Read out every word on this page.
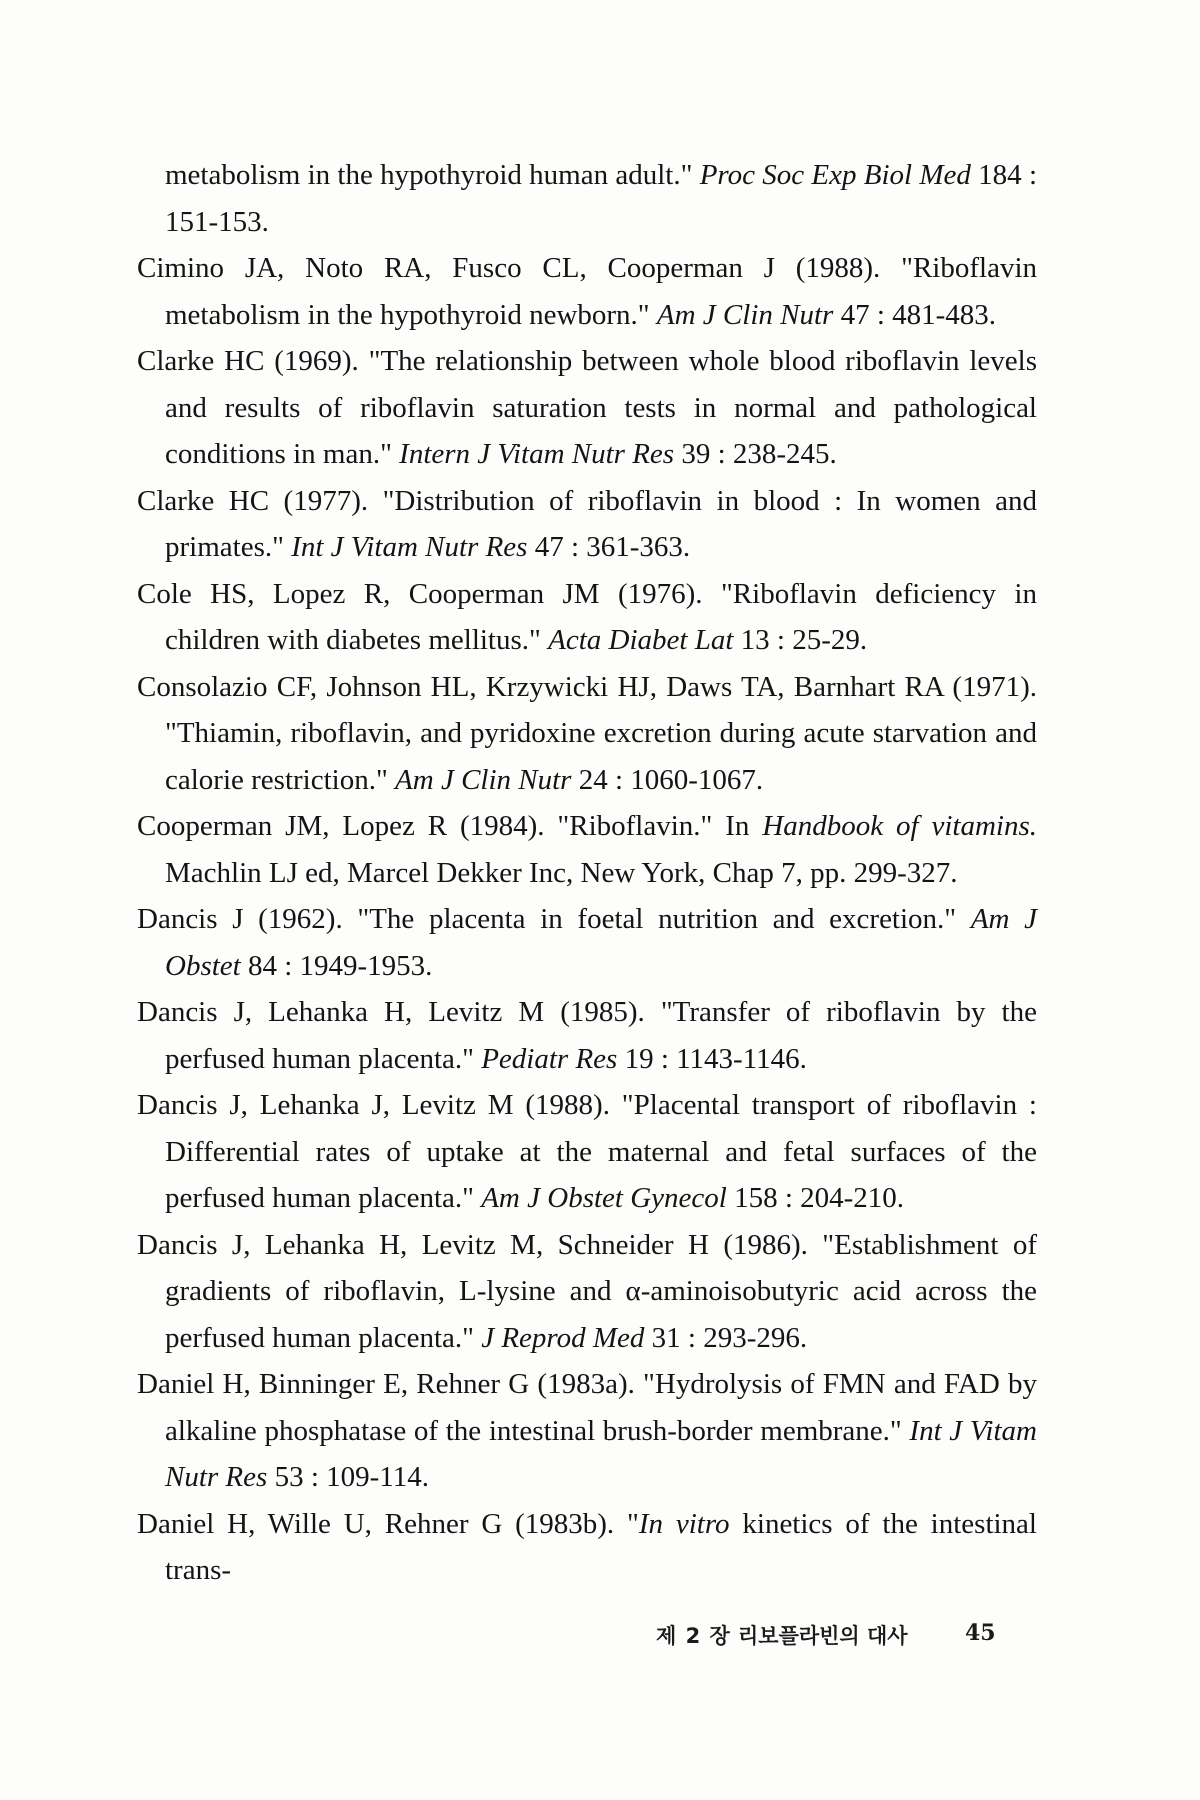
metabolism in the hypothyroid human adult." Proc Soc Exp Biol Med 184 : 151-153.
Cimino JA, Noto RA, Fusco CL, Cooperman J (1988). "Riboflavin metabolism in the hypothyroid newborn." Am J Clin Nutr 47 : 481-483.
Clarke HC (1969). "The relationship between whole blood riboflavin levels and results of riboflavin saturation tests in normal and pathological conditions in man." Intern J Vitam Nutr Res 39 : 238-245.
Clarke HC (1977). "Distribution of riboflavin in blood : In women and primates." Int J Vitam Nutr Res 47 : 361-363.
Cole HS, Lopez R, Cooperman JM (1976). "Riboflavin deficiency in children with diabetes mellitus." Acta Diabet Lat 13 : 25-29.
Consolazio CF, Johnson HL, Krzywicki HJ, Daws TA, Barnhart RA (1971). "Thiamin, riboflavin, and pyridoxine excretion during acute starvation and calorie restriction." Am J Clin Nutr 24 : 1060-1067.
Cooperman JM, Lopez R (1984). "Riboflavin." In Handbook of vitamins. Machlin LJ ed, Marcel Dekker Inc, New York, Chap 7, pp. 299-327.
Dancis J (1962). "The placenta in foetal nutrition and excretion." Am J Obstet 84 : 1949-1953.
Dancis J, Lehanka H, Levitz M (1985). "Transfer of riboflavin by the perfused human placenta." Pediatr Res 19 : 1143-1146.
Dancis J, Lehanka J, Levitz M (1988). "Placental transport of riboflavin : Differential rates of uptake at the maternal and fetal surfaces of the perfused human placenta." Am J Obstet Gynecol 158 : 204-210.
Dancis J, Lehanka H, Levitz M, Schneider H (1986). "Establishment of gradients of riboflavin, L-lysine and α-aminoisobutyric acid across the perfused human placenta." J Reprod Med 31 : 293-296.
Daniel H, Binninger E, Rehner G (1983a). "Hydrolysis of FMN and FAD by alkaline phosphatase of the intestinal brush-border membrane." Int J Vitam Nutr Res 53 : 109-114.
Daniel H, Wille U, Rehner G (1983b). "In vitro kinetics of the intestinal trans-
제 2 장 리보플라빈의 대사	45
